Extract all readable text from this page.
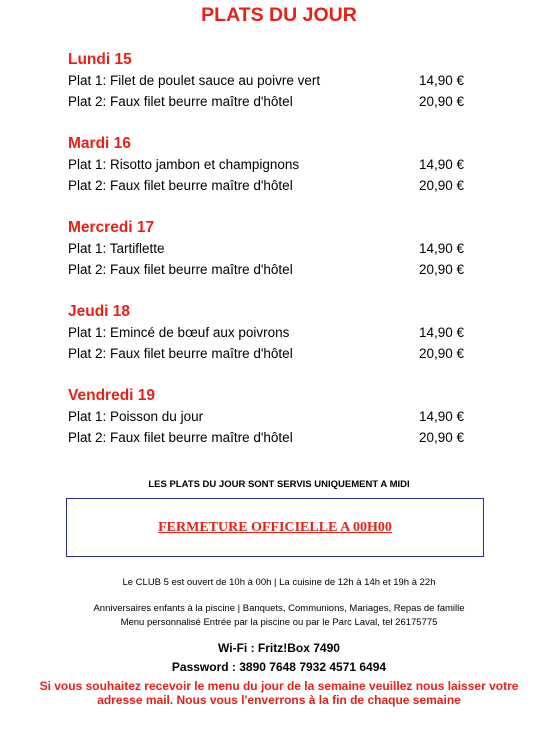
PLATS DU JOUR
Lundi 15
Plat 1: Filet de poulet sauce au poivre vert	14,90 €
Plat 2: Faux filet beurre maître d'hôtel	20,90 €
Mardi 16
Plat 1: Risotto jambon et champignons	14,90 €
Plat 2: Faux filet beurre maître d'hôtel	20,90 €
Mercredi 17
Plat 1: Tartiflette	14,90 €
Plat 2: Faux filet beurre maître d'hôtel	20,90 €
Jeudi 18
Plat 1: Emincé de bœuf aux poivrons	14,90 €
Plat 2: Faux filet beurre maître d'hôtel	20,90 €
Vendredi 19
Plat 1: Poisson du jour	14,90 €
Plat 2: Faux filet beurre maître d'hôtel	20,90 €
LES PLATS DU JOUR SONT SERVIS UNIQUEMENT A MIDI
FERMETURE OFFICIELLE A 00H00
Le CLUB 5 est ouvert de 10h à 00h | La cuisine de 12h à 14h et 19h à 22h
Anniversaires enfants à la piscine | Banquets, Communions, Mariages, Repas de famille
Menu personnalisé Entrée par la piscine ou par le Parc Laval, tel 26175775
Wi-Fi : Fritz!Box 7490
Password : 3890 7648 7932 4571 6494
Si vous souhaitez recevoir le menu du jour de la semaine veuillez nous laisser votre
adresse mail. Nous vous l'enverrons à la fin de chaque semaine
